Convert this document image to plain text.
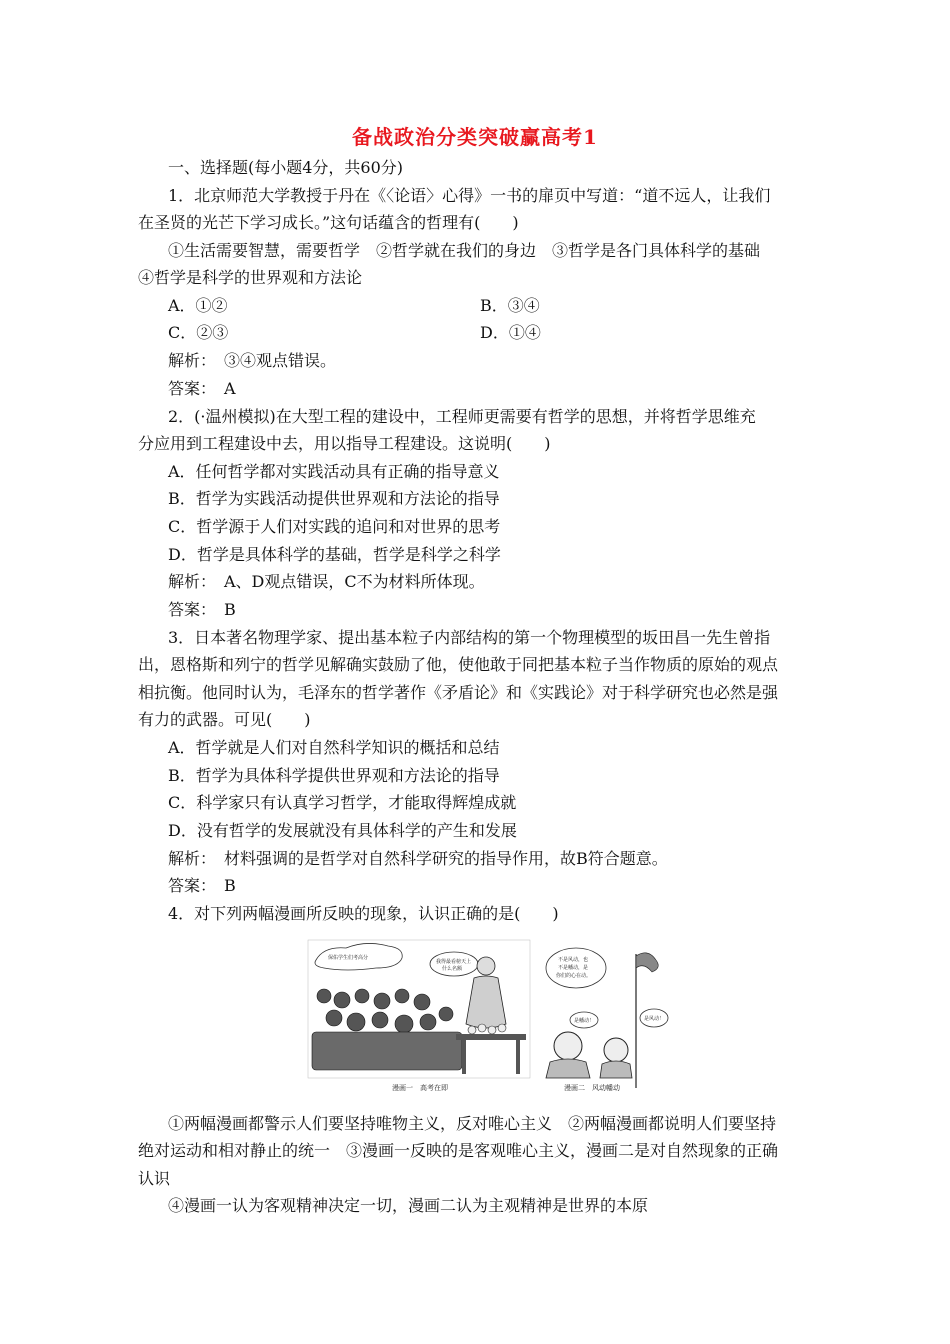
备战政治分类突破赢高考1
一、选择题(每小题4分，共60分)
1．北京师范大学教授于丹在《〈论语〉心得》一书的扉页中写道：“道不远人，让我们
在圣贤的光芒下学习成长。”这句话蕴含的哲理有(　　)
①生活需要智慧，需要哲学　②哲学就在我们的身边　③哲学是各门具体科学的基础
④哲学是科学的世界观和方法论
A．①②	B．③④
C．②③	D．①④
解析：　③④观点错误。
答案：　A
2．(·温州模拟)在大型工程的建设中，工程师更需要有哲学的思想，并将哲学思维充
分应用到工程建设中去，用以指导工程建设。这说明(　　)
A．任何哲学都对实践活动具有正确的指导意义
B．哲学为实践活动提供世界观和方法论的指导
C．哲学源于人们对实践的追问和对世界的思考
D．哲学是具体科学的基础，哲学是科学之科学
解析：　A、D观点错误，C不为材料所体现。
答案：　B
3．日本著名物理学家、提出基本粒子内部结构的第一个物理模型的坂田昌一先生曾指
出，恩格斯和列宁的哲学见解确实鼓励了他，使他敢于同把基本粒子当作物质的原始的观点
相抗衡。他同时认为，毛泽东的哲学著作《矛盾论》和《实践论》对于科学研究也必然是强
有力的武器。可见(　　)
A．哲学就是人们对自然科学知识的概括和总结
B．哲学为具体科学提供世界观和方法论的指导
C．科学家只有认真学习哲学，才能取得辉煌成就
D．没有哲学的发展就没有具体科学的产生和发展
解析：　材料强调的是哲学对自然科学研究的指导作用，故B符合题意。
答案：　B
4．对下列两幅漫画所反映的现象，认识正确的是(　　)
保佑学生们考高分
我得最看榜天上
什么名额
漫画一　高考在即
不是风动，也
不是幡动，是
你们的心在动。
是幡动！	是风动！
漫画二　风动幡动
①两幅漫画都警示人们要坚持唯物主义，反对唯心主义　②两幅漫画都说明人们要坚持
绝对运动和相对静止的统一　③漫画一反映的是客观唯心主义，漫画二是对自然现象的正确
认识
④漫画一认为客观精神决定一切，漫画二认为主观精神是世界的本原
